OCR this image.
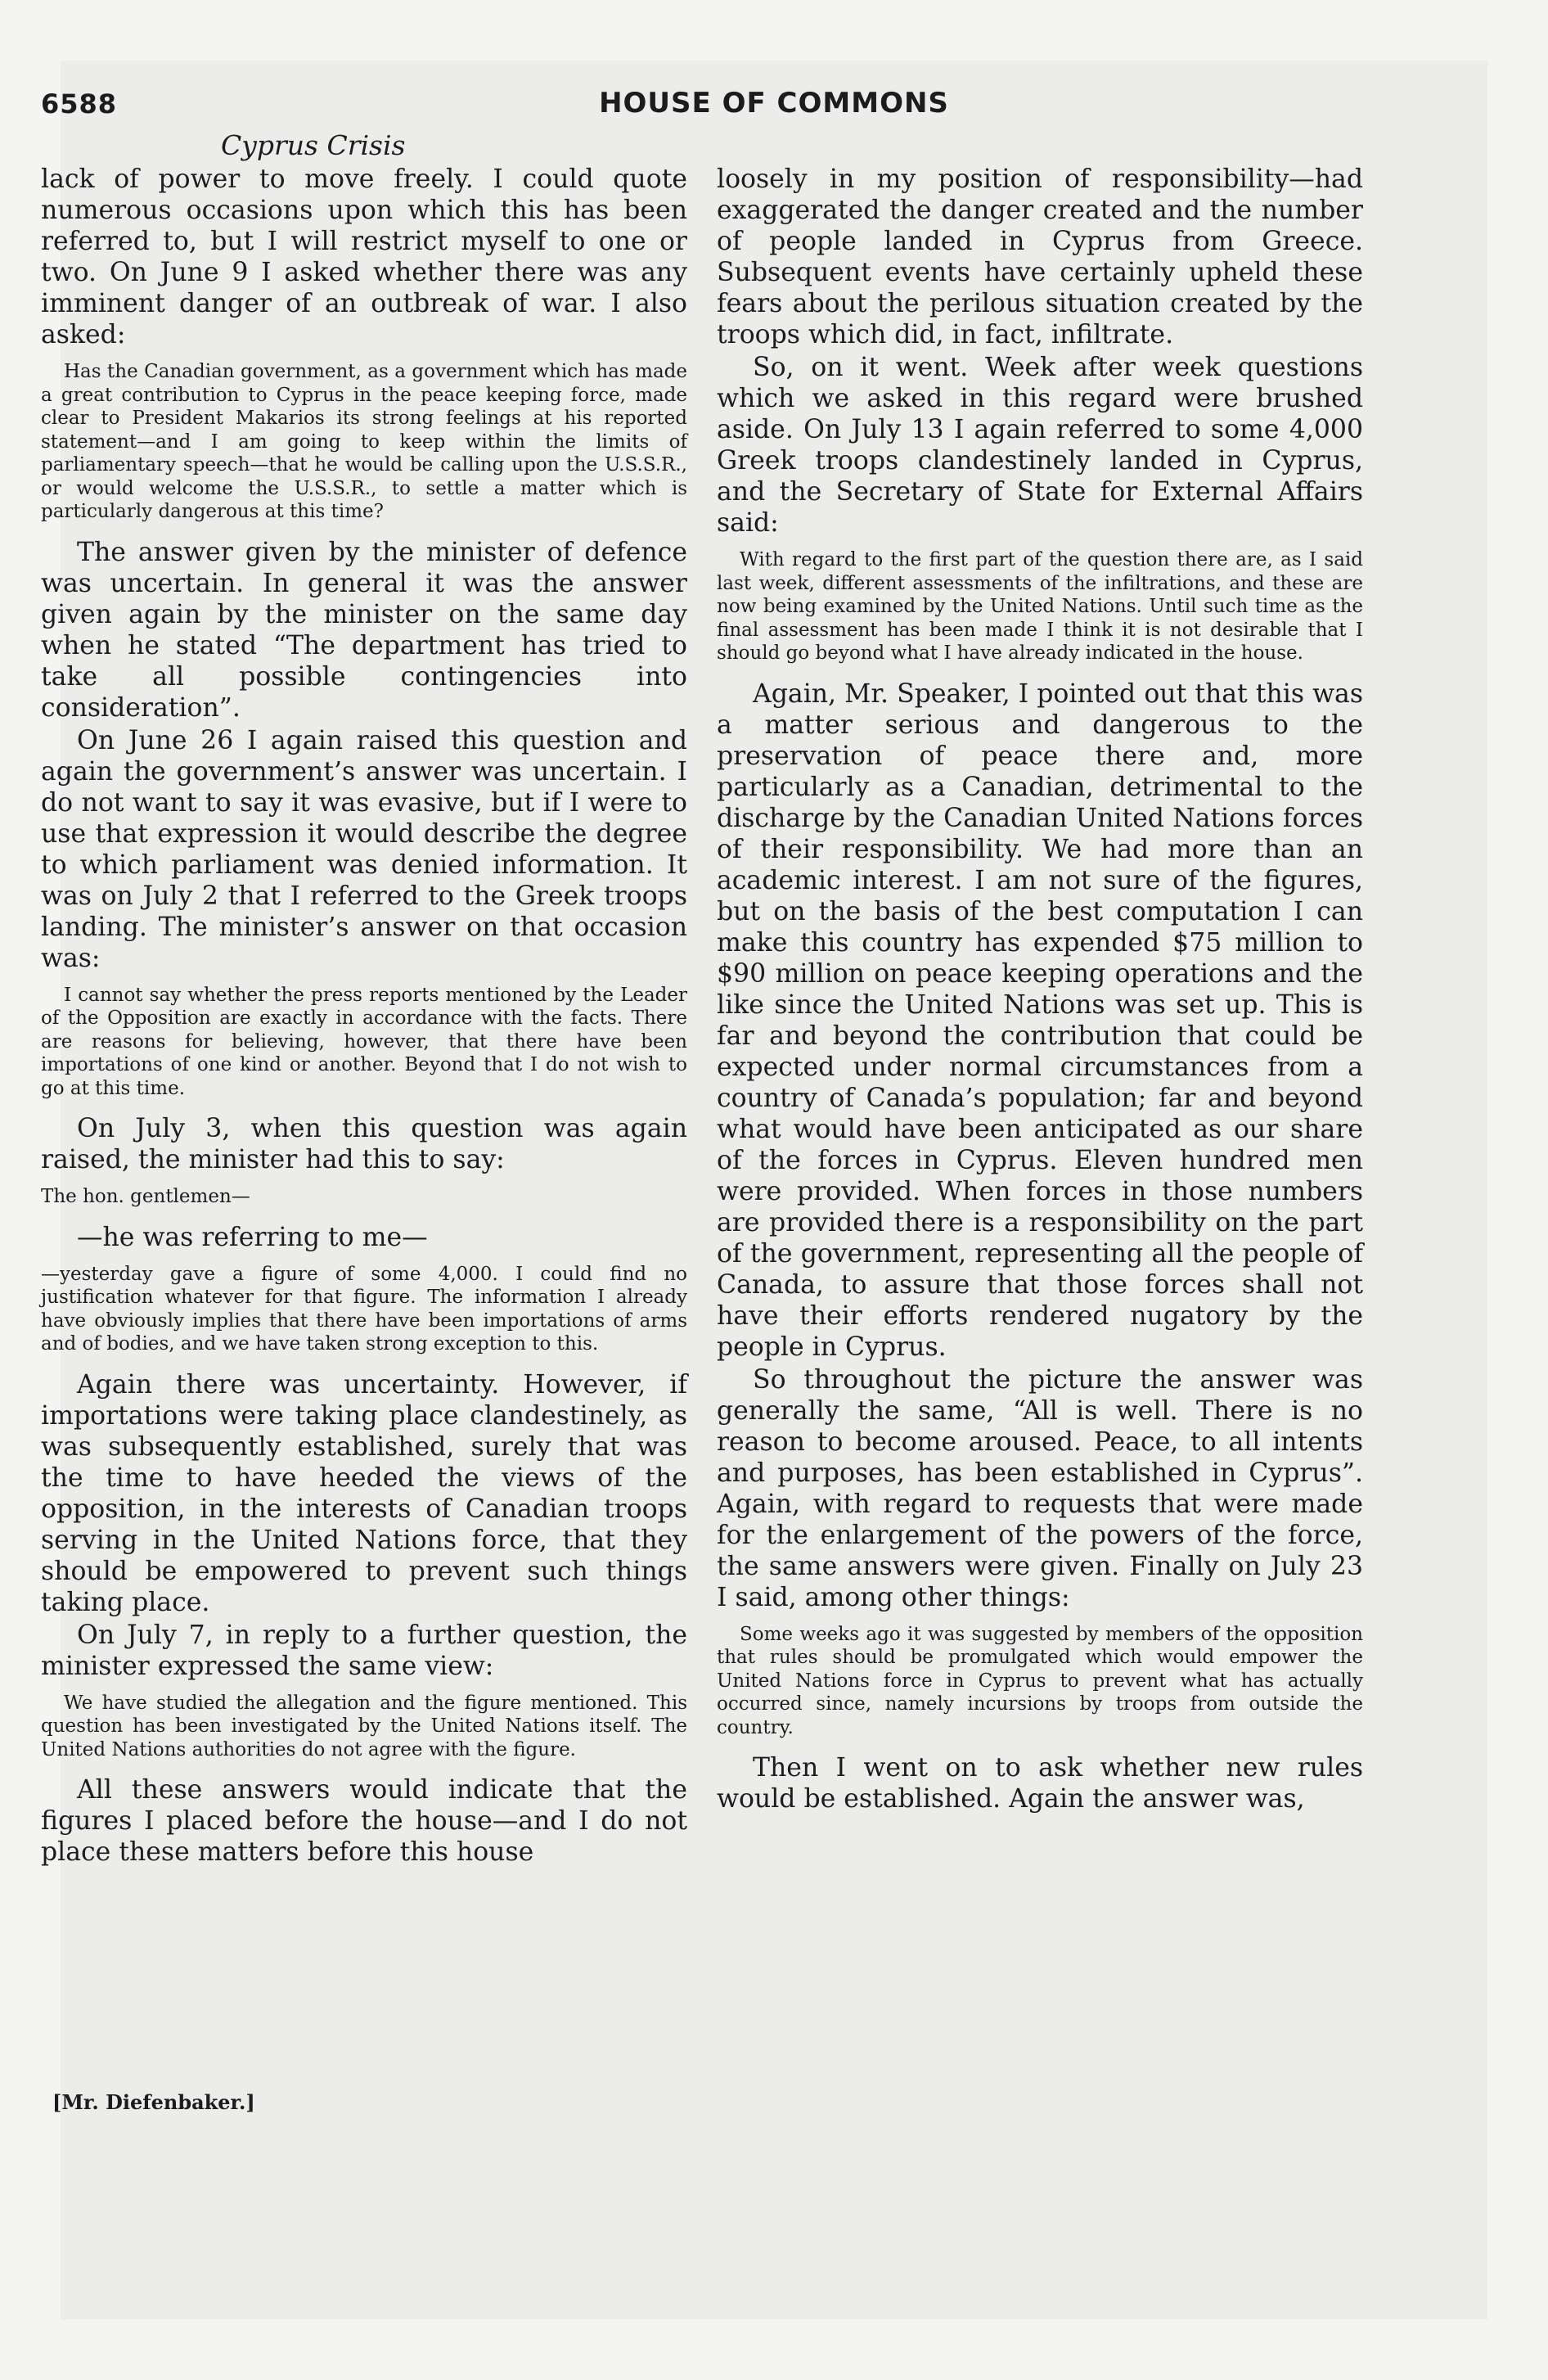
6588	HOUSE OF COMMONS
Cyprus Crisis

lack of power to move freely. I could quote numerous occasions upon which this has been referred to, but I will restrict myself to one or two. On June 9 I asked whether there was any imminent danger of an outbreak of war. I also asked:

Has the Canadian government, as a government which has made a great contribution to Cyprus in the peace keeping force, made clear to President Makarios its strong feelings at his reported statement—and I am going to keep within the limits of parliamentary speech—that he would be calling upon the U.S.S.R., or would welcome the U.S.S.R., to settle a matter which is particularly dangerous at this time?

The answer given by the minister of defence was uncertain. In general it was the answer given again by the minister on the same day when he stated “The department has tried to take all possible contingencies into consideration”.

On June 26 I again raised this question and again the government’s answer was uncertain. I do not want to say it was evasive, but if I were to use that expression it would describe the degree to which parliament was denied information. It was on July 2 that I referred to the Greek troops landing. The minister’s answer on that occasion was:

I cannot say whether the press reports mentioned by the Leader of the Opposition are exactly in accordance with the facts. There are reasons for believing, however, that there have been importations of one kind or another. Beyond that I do not wish to go at this time.

On July 3, when this question was again raised, the minister had this to say:

The hon. gentlemen—

—he was referring to me—

—yesterday gave a figure of some 4,000. I could find no justification whatever for that figure. The information I already have obviously implies that there have been importations of arms and of bodies, and we have taken strong exception to this.

Again there was uncertainty. However, if importations were taking place clandestinely, as was subsequently established, surely that was the time to have heeded the views of the opposition, in the interests of Canadian troops serving in the United Nations force, that they should be empowered to prevent such things taking place.

On July 7, in reply to a further question, the minister expressed the same view:

We have studied the allegation and the figure mentioned. This question has been investigated by the United Nations itself. The United Nations authorities do not agree with the figure.

All these answers would indicate that the figures I placed before the house—and I do not place these matters before this house

loosely in my position of responsibility—had exaggerated the danger created and the number of people landed in Cyprus from Greece. Subsequent events have certainly upheld these fears about the perilous situation created by the troops which did, in fact, infiltrate.

So, on it went. Week after week questions which we asked in this regard were brushed aside. On July 13 I again referred to some 4,000 Greek troops clandestinely landed in Cyprus, and the Secretary of State for External Affairs said:

With regard to the first part of the question there are, as I said last week, different assessments of the infiltrations, and these are now being examined by the United Nations. Until such time as the final assessment has been made I think it is not desirable that I should go beyond what I have already indicated in the house.

Again, Mr. Speaker, I pointed out that this was a matter serious and dangerous to the preservation of peace there and, more particularly as a Canadian, detrimental to the discharge by the Canadian United Nations forces of their responsibility. We had more than an academic interest. I am not sure of the figures, but on the basis of the best computation I can make this country has expended $75 million to $90 million on peace keeping operations and the like since the United Nations was set up. This is far and beyond the contribution that could be expected under normal circumstances from a country of Canada’s population; far and beyond what would have been anticipated as our share of the forces in Cyprus. Eleven hundred men were provided. When forces in those numbers are provided there is a responsibility on the part of the government, representing all the people of Canada, to assure that those forces shall not have their efforts rendered nugatory by the people in Cyprus.

So throughout the picture the answer was generally the same, “All is well. There is no reason to become aroused. Peace, to all intents and purposes, has been established in Cyprus”. Again, with regard to requests that were made for the enlargement of the powers of the force, the same answers were given. Finally on July 23 I said, among other things:

Some weeks ago it was suggested by members of the opposition that rules should be promulgated which would empower the United Nations force in Cyprus to prevent what has actually occurred since, namely incursions by troops from outside the country.

Then I went on to ask whether new rules would be established. Again the answer was,

[Mr. Diefenbaker.]
